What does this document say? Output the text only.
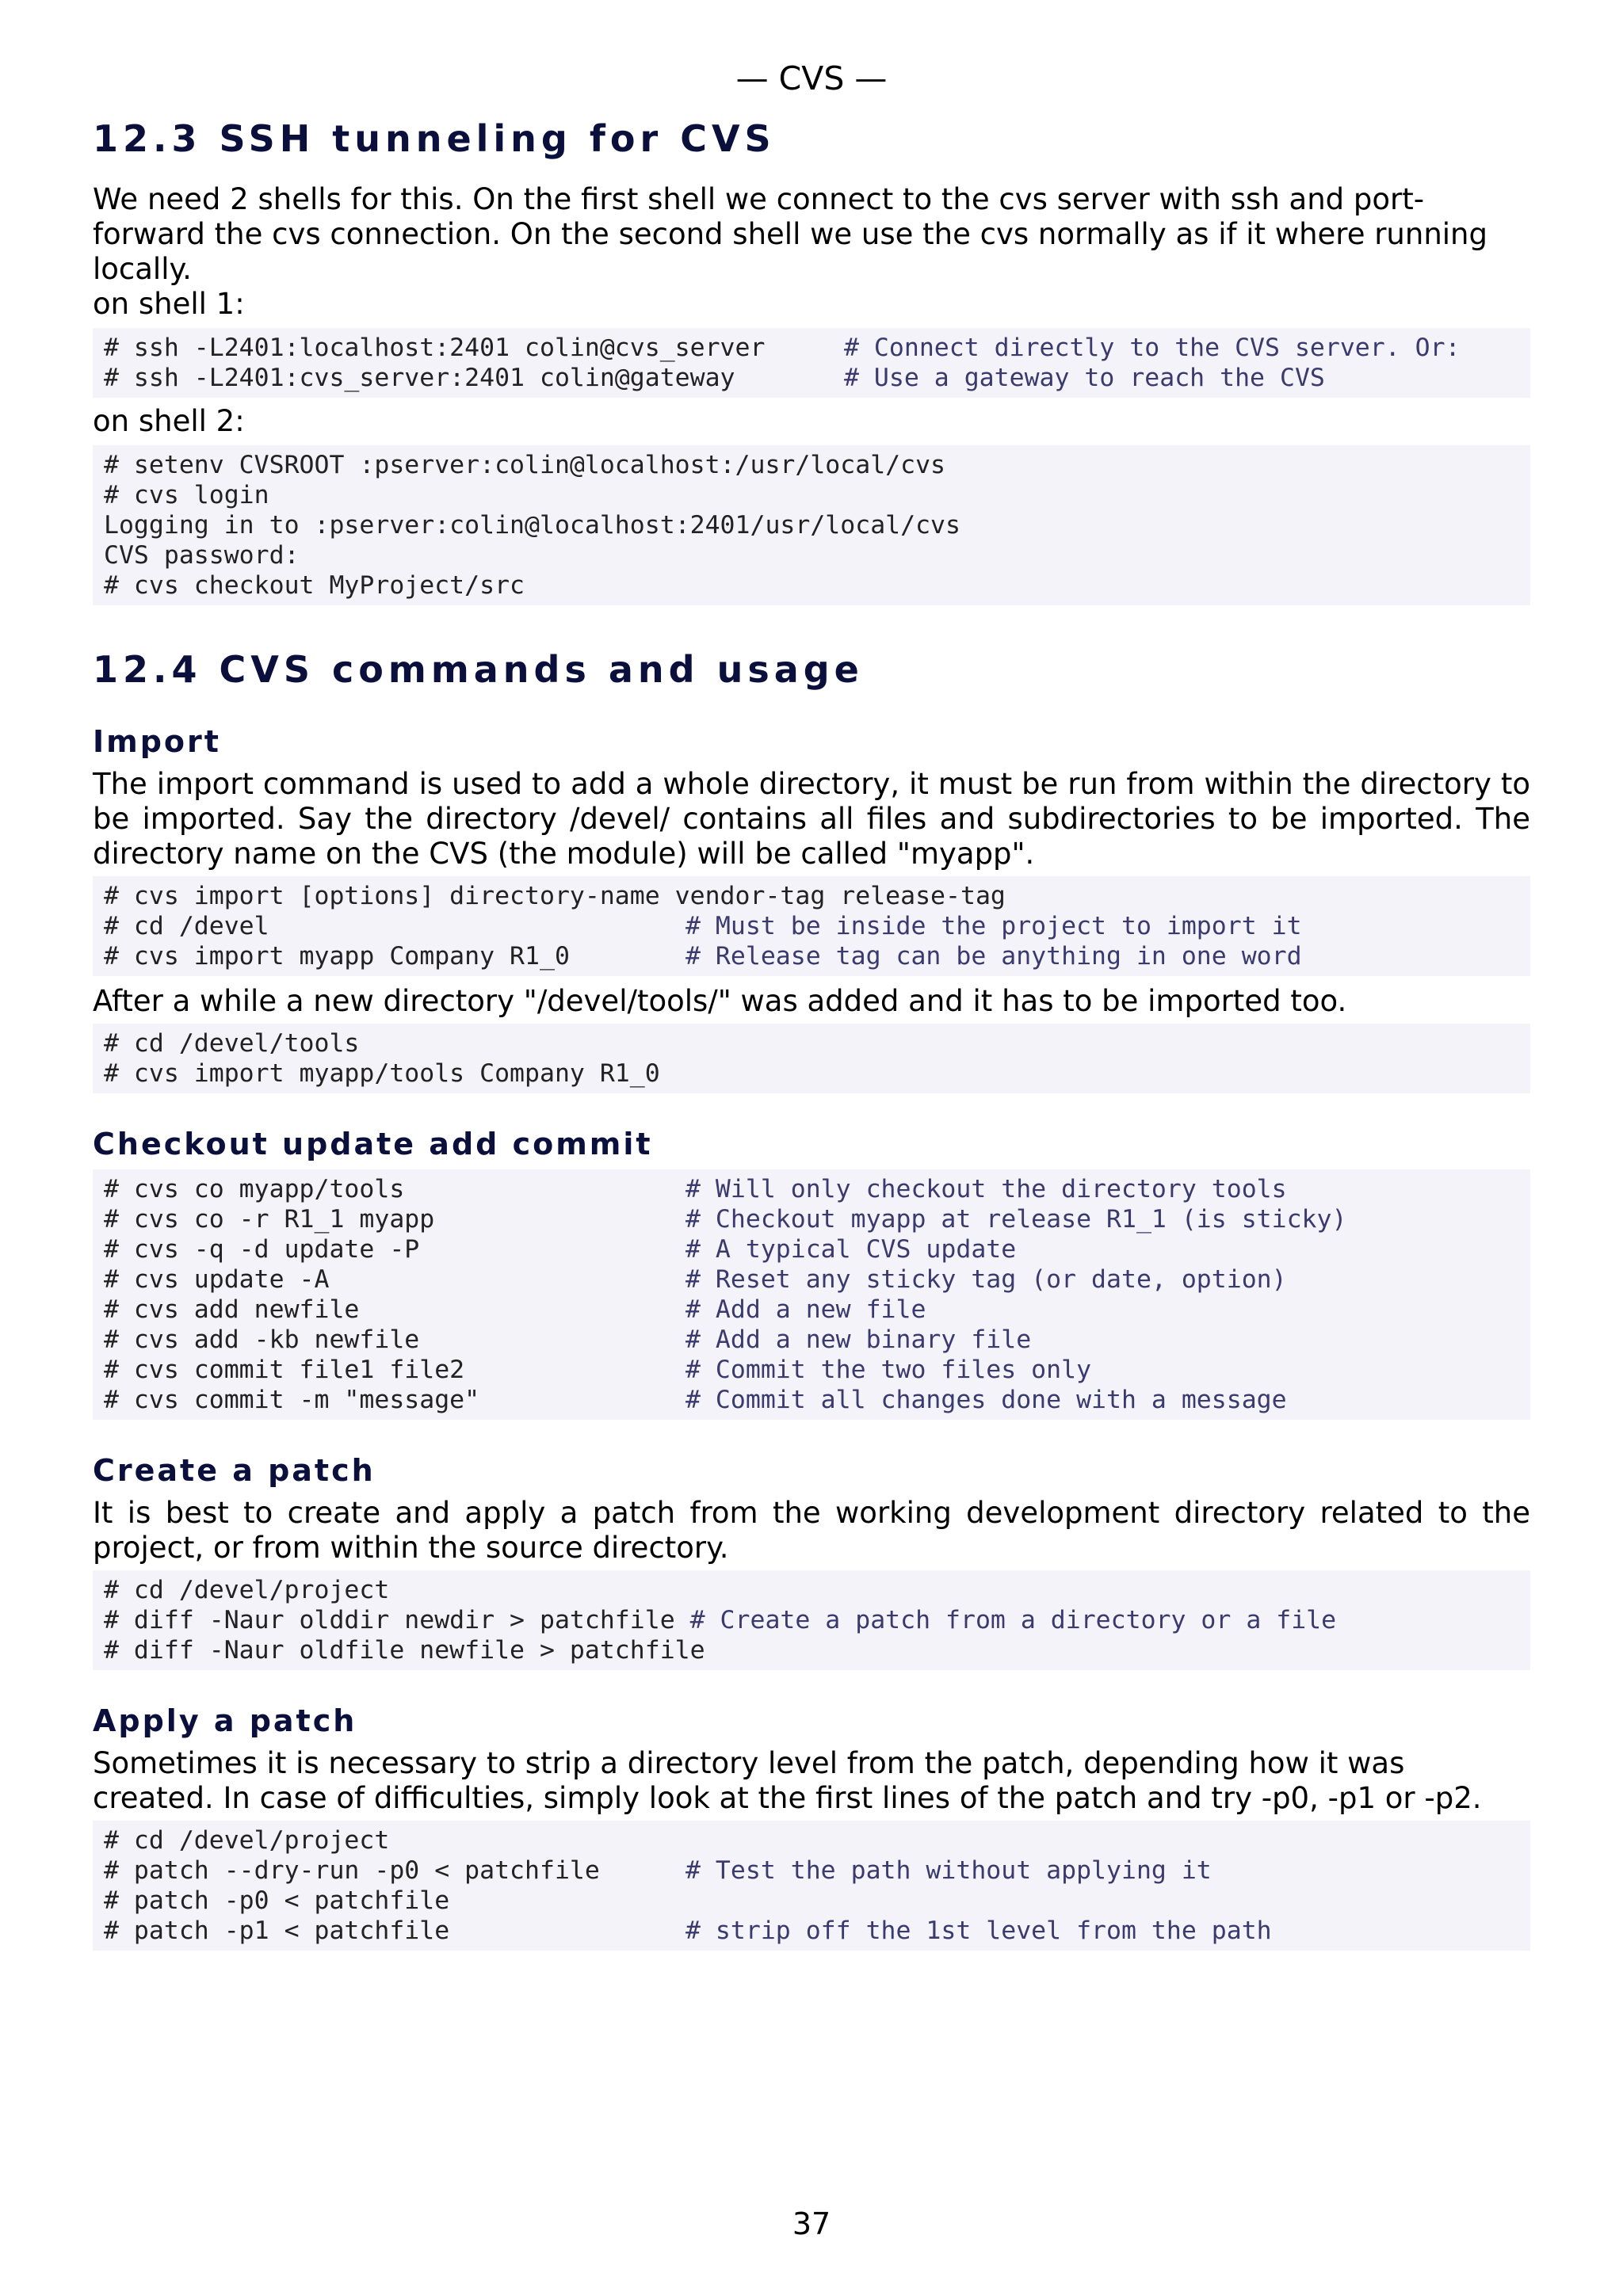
— CVS —
12.3 SSH tunneling for CVS

We need 2 shells for this. On the first shell we connect to the cvs server with ssh and port-forward the cvs connection. On the second shell we use the cvs normally as if it where running locally.

on shell 1:

# ssh -L2401:localhost:2401 colin@cvs_server	# Connect directly to the CVS server. Or:
# ssh -L2401:cvs_server:2401 colin@gateway	# Use a gateway to reach the CVS

on shell 2:

# setenv CVSROOT :pserver:colin@localhost:/usr/local/cvs
# cvs login
Logging in to :pserver:colin@localhost:2401/usr/local/cvs
CVS password:
# cvs checkout MyProject/src
12.4 CVS commands and usage
Import

The import command is used to add a whole directory, it must be run from within the directory to be imported. Say the directory /devel/ contains all files and subdirectories to be imported. The directory name on the CVS (the module) will be called "myapp".

# cvs import [options] directory-name vendor-tag release-tag
# cd /devel	# Must be inside the project to import it
# cvs import myapp Company R1_0	# Release tag can be anything in one word

After a while a new directory "/devel/tools/" was added and it has to be imported too.

# cd /devel/tools
# cvs import myapp/tools Company R1_0
Checkout update add commit
# cvs co myapp/tools	# Will only checkout the directory tools
# cvs co -r R1_1 myapp	# Checkout myapp at release R1_1 (is sticky)
# cvs -q -d update -P	# A typical CVS update
# cvs update -A	# Reset any sticky tag (or date, option)
# cvs add newfile	# Add a new file
# cvs add -kb newfile	# Add a new binary file
# cvs commit file1 file2	# Commit the two files only
# cvs commit -m "message"	# Commit all changes done with a message
Create a patch

It is best to create and apply a patch from the working development directory related to the project, or from within the source directory.

# cd /devel/project
# diff -Naur olddir newdir > patchfile # Create a patch from a directory or a file
# diff -Naur oldfile newfile > patchfile
Apply a patch

Sometimes it is necessary to strip a directory level from the patch, depending how it was created. In case of difficulties, simply look at the first lines of the patch and try -p0, -p1 or -p2.

# cd /devel/project
# patch --dry-run -p0 < patchfile	# Test the path without applying it
# patch -p0 < patchfile
# patch -p1 < patchfile	# strip off the 1st level from the path
37
